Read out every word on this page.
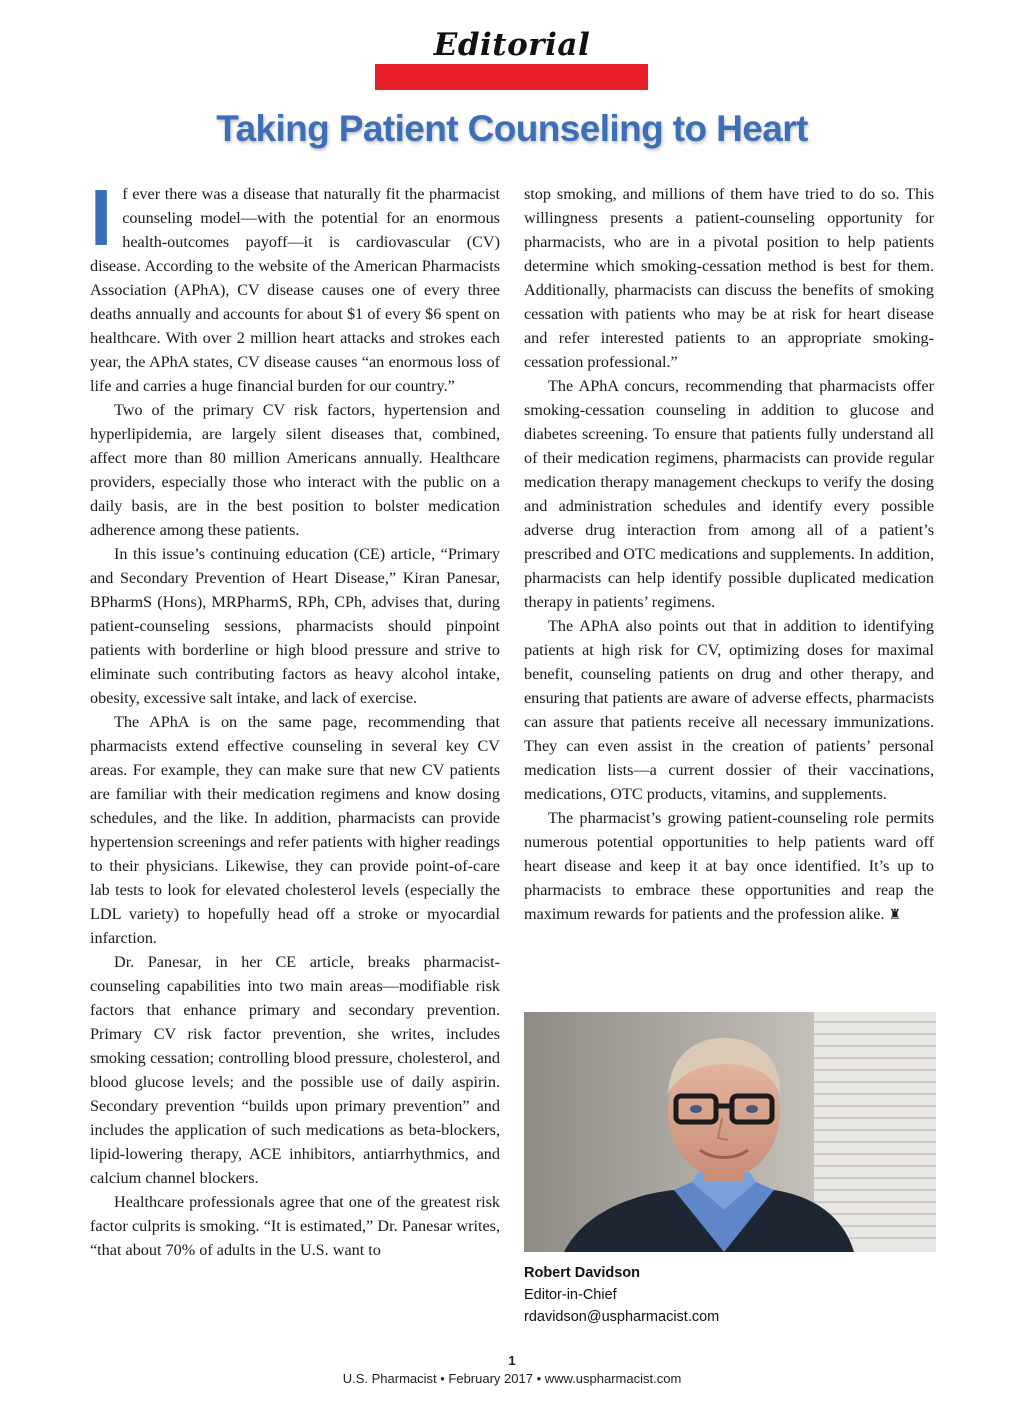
Editorial
Taking Patient Counseling to Heart

If ever there was a disease that naturally fit the pharmacist counseling model—with the potential for an enormous health-outcomes payoff—it is cardiovascular (CV) disease. According to the website of the American Pharmacists Association (APhA), CV disease causes one of every three deaths annually and accounts for about $1 of every $6 spent on healthcare. With over 2 million heart attacks and strokes each year, the APhA states, CV disease causes “an enormous loss of life and carries a huge financial burden for our country.”

Two of the primary CV risk factors, hypertension and hyperlipidemia, are largely silent diseases that, combined, affect more than 80 million Americans annually. Healthcare providers, especially those who interact with the public on a daily basis, are in the best position to bolster medication adherence among these patients.

In this issue’s continuing education (CE) article, “Primary and Secondary Prevention of Heart Disease,” Kiran Panesar, BPharmS (Hons), MRPharmS, RPh, CPh, advises that, during patient-counseling sessions, pharmacists should pinpoint patients with borderline or high blood pressure and strive to eliminate such contributing factors as heavy alcohol intake, obesity, excessive salt intake, and lack of exercise.

The APhA is on the same page, recommending that pharmacists extend effective counseling in several key CV areas. For example, they can make sure that new CV patients are familiar with their medication regimens and know dosing schedules, and the like. In addition, pharmacists can provide hypertension screenings and refer patients with higher readings to their physicians. Likewise, they can provide point-of-care lab tests to look for elevated cholesterol levels (especially the LDL variety) to hopefully head off a stroke or myocardial infarction.

Dr. Panesar, in her CE article, breaks pharmacist-counseling capabilities into two main areas—modifiable risk factors that enhance primary and secondary prevention. Primary CV risk factor prevention, she writes, includes smoking cessation; controlling blood pressure, cholesterol, and blood glucose levels; and the possible use of daily aspirin. Secondary prevention “builds upon primary prevention” and includes the application of such medications as beta-blockers, lipid-lowering therapy, ACE inhibitors, antiarrhythmics, and calcium channel blockers.

Healthcare professionals agree that one of the greatest risk factor culprits is smoking. “It is estimated,” Dr. Panesar writes, “that about 70% of adults in the U.S. want to

stop smoking, and millions of them have tried to do so. This willingness presents a patient-counseling opportunity for pharmacists, who are in a pivotal position to help patients determine which smoking-cessation method is best for them. Additionally, pharmacists can discuss the benefits of smoking cessation with patients who may be at risk for heart disease and refer interested patients to an appropriate smoking-cessation professional.”

The APhA concurs, recommending that pharmacists offer smoking-cessation counseling in addition to glucose and diabetes screening. To ensure that patients fully understand all of their medication regimens, pharmacists can provide regular medication therapy management checkups to verify the dosing and administration schedules and identify every possible adverse drug interaction from among all of a patient’s prescribed and OTC medications and supplements. In addition, pharmacists can help identify possible duplicated medication therapy in patients’ regimens.

The APhA also points out that in addition to identifying patients at high risk for CV, optimizing doses for maximal benefit, counseling patients on drug and other therapy, and ensuring that patients are aware of adverse effects, pharmacists can assure that patients receive all necessary immunizations. They can even assist in the creation of patients’ personal medication lists—a current dossier of their vaccinations, medications, OTC products, vitamins, and supplements.

The pharmacist’s growing patient-counseling role permits numerous potential opportunities to help patients ward off heart disease and keep it at bay once identified. It’s up to pharmacists to embrace these opportunities and reap the maximum rewards for patients and the profession alike. ♜

Robert Davidson
Editor-in-Chief
rdavidson@uspharmacist.com
1
U.S. Pharmacist • February 2017 • www.uspharmacist.com
